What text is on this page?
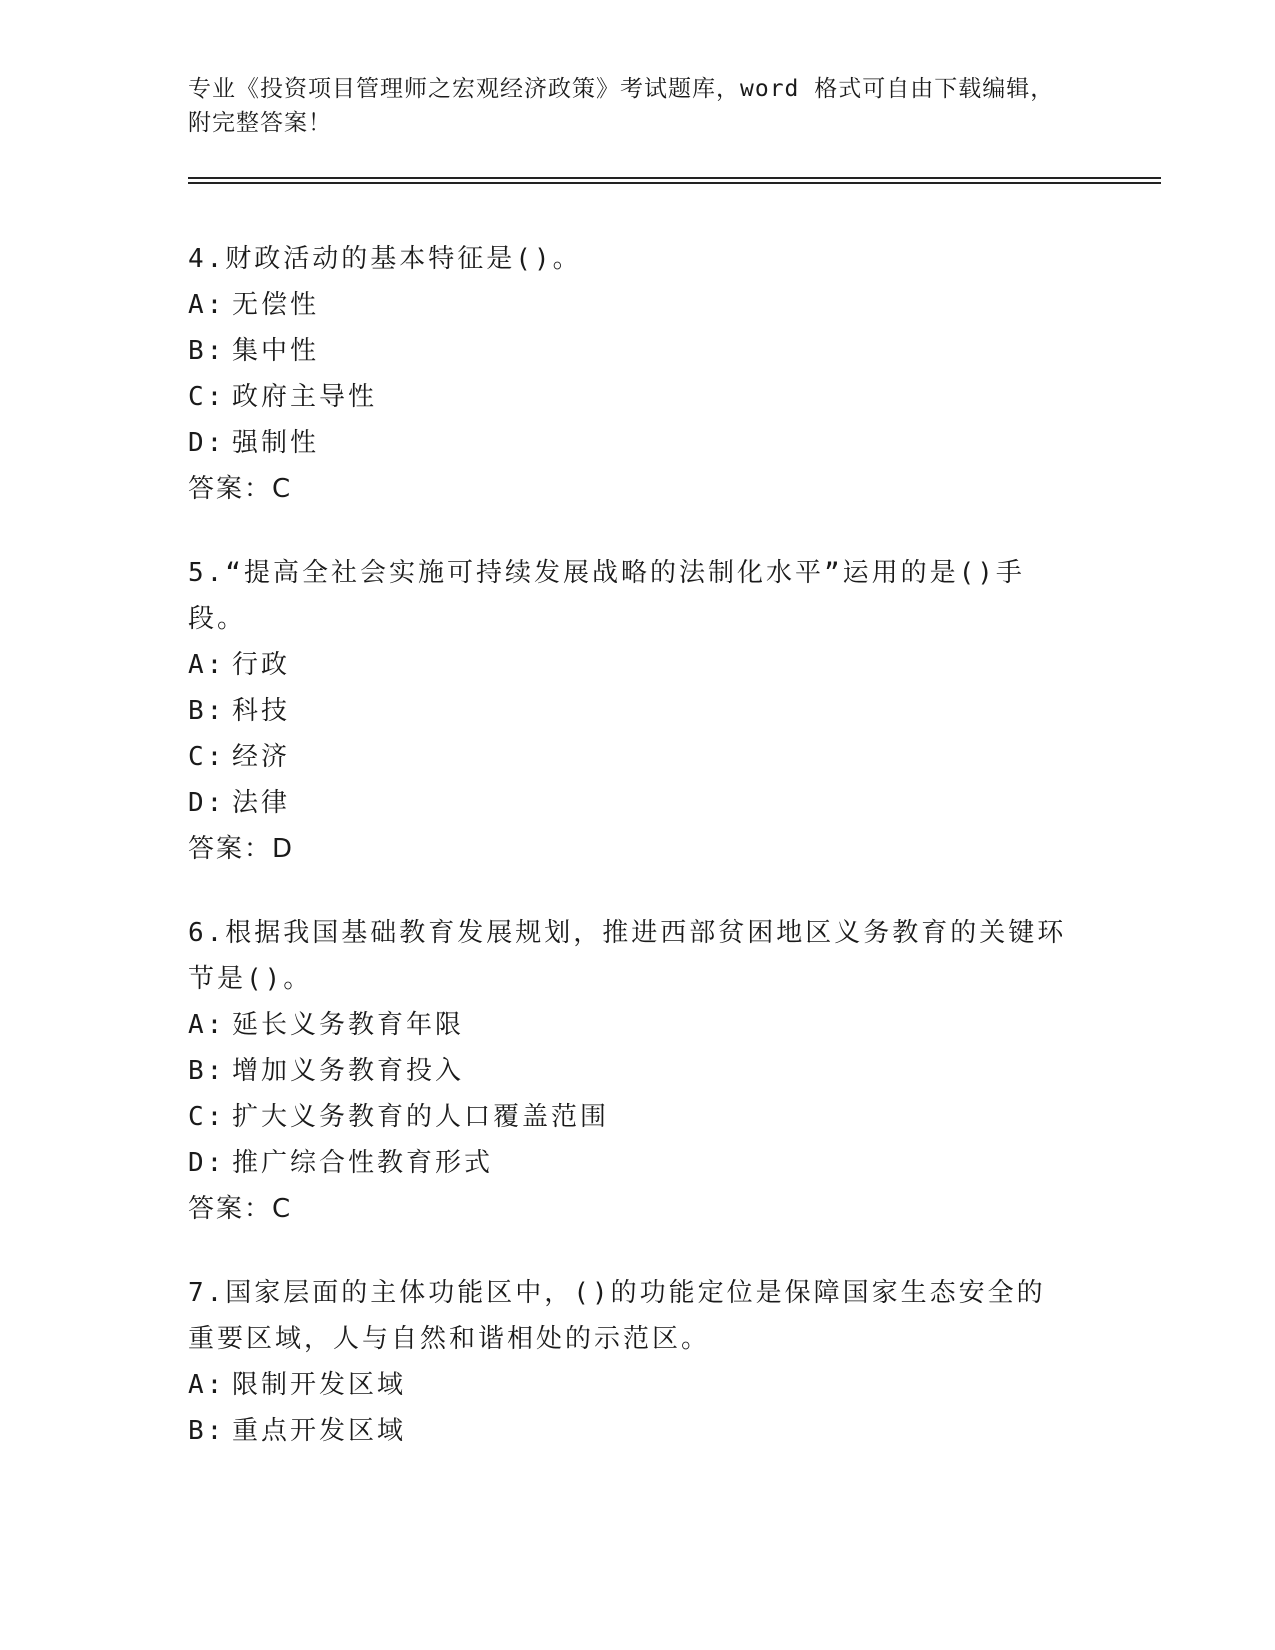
专业《投资项目管理师之宏观经济政策》考试题库，word 格式可自由下载编辑，附完整答案！

4.财政活动的基本特征是()。

A: 无偿性

B: 集中性

C: 政府主导性

D: 强制性

答案：C

5.“提高全社会实施可持续发展战略的法制化水平”运用的是()手段。

A: 行政

B: 科技

C: 经济

D: 法律

答案：D

6.根据我国基础教育发展规划，推进西部贫困地区义务教育的关键环节是()。

A: 延长义务教育年限

B: 增加义务教育投入

C: 扩大义务教育的人口覆盖范围

D: 推广综合性教育形式

答案：C

7.国家层面的主体功能区中，()的功能定位是保障国家生态安全的重要区域，人与自然和谐相处的示范区。

A: 限制开发区域

B: 重点开发区域
